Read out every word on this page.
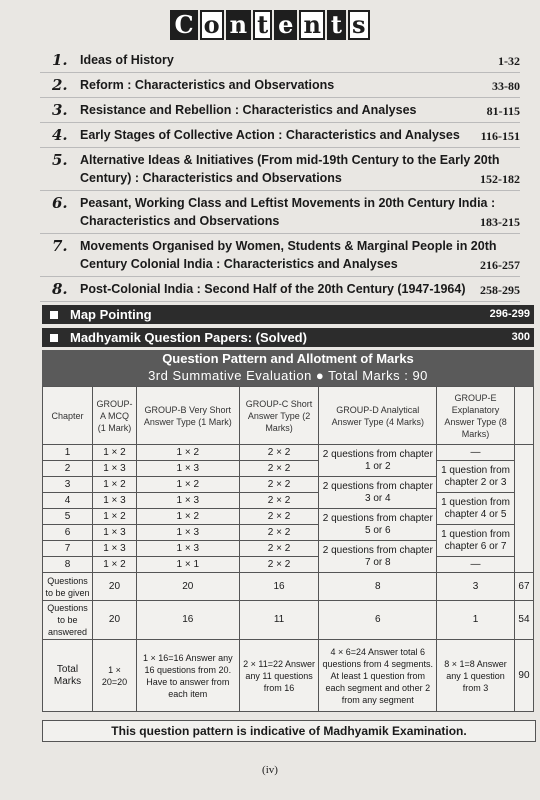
C o n t e n t s
1. Ideas of History	1-32
2. Reform : Characteristics and Observations	33-80
3. Resistance and Rebellion : Characteristics and Analyses	81-115
4. Early Stages of Collective Action : Characteristics and Analyses 116-151
5. Alternative Ideas & Initiatives (From mid-19th Century to the Early 20th Century) : Characteristics and Observations	152-182
6. Peasant, Working Class and Leftist Movements in 20th Century India : Characteristics and Observations	183-215
7. Movements Organised by Women, Students & Marginal People in 20th Century Colonial India : Characteristics and Analyses	216-257
8. Post-Colonial India : Second Half of the 20th Century (1947-1964) 258-295
Map Pointing	296-299
Madhyamik Question Papers: (Solved)	300
Question Pattern and Allotment of Marks
3rd Summative Evaluation ● Total Marks : 90
Chapter	GROUP-A MCQ (1 Mark)	GROUP-B Very Short Answer Type (1 Mark)	GROUP-C Short Answer Type (2 Marks)	GROUP-D Analytical Answer Type (4 Marks)	GROUP-E Explanatory Answer Type (8 Marks)	
1	1 × 2	1 × 2	2 × 2	2 questions from chapter 1 or 2	—	
2	1 × 3	1 × 3	2 × 2		1 question from chapter 2 or 3	
3	1 × 2	1 × 2	2 × 2	2 questions from chapter 3 or 4		
4	1 × 3	1 × 3	2 × 2		1 question from chapter 4 or 5	
5	1 × 2	1 × 2	2 × 2	2 questions from chapter 5 or 6		
6	1 × 3	1 × 3	2 × 2		1 question from chapter 6 or 7	
7	1 × 3	1 × 3	2 × 2	2 questions from chapter 7 or 8		
8	1 × 2	1 × 1	2 × 2		—	
Questions to be given	20	20	16	8	3	67
Questions to be answered	20	16	11	6	1	54
Total Marks	1 × 20=20	1 × 16=16 Answer any 16 questions from 20. Have to answer from each item	2 × 11=22 Answer any 11 questions from 16	4 × 6=24 Answer total 6 questions from 4 segments. At least 1 question from each segment and other 2 from any segment	8 × 1=8 Answer any 1 question from 3	90
This question pattern is indicative of Madhyamik Examination.
(iv)
